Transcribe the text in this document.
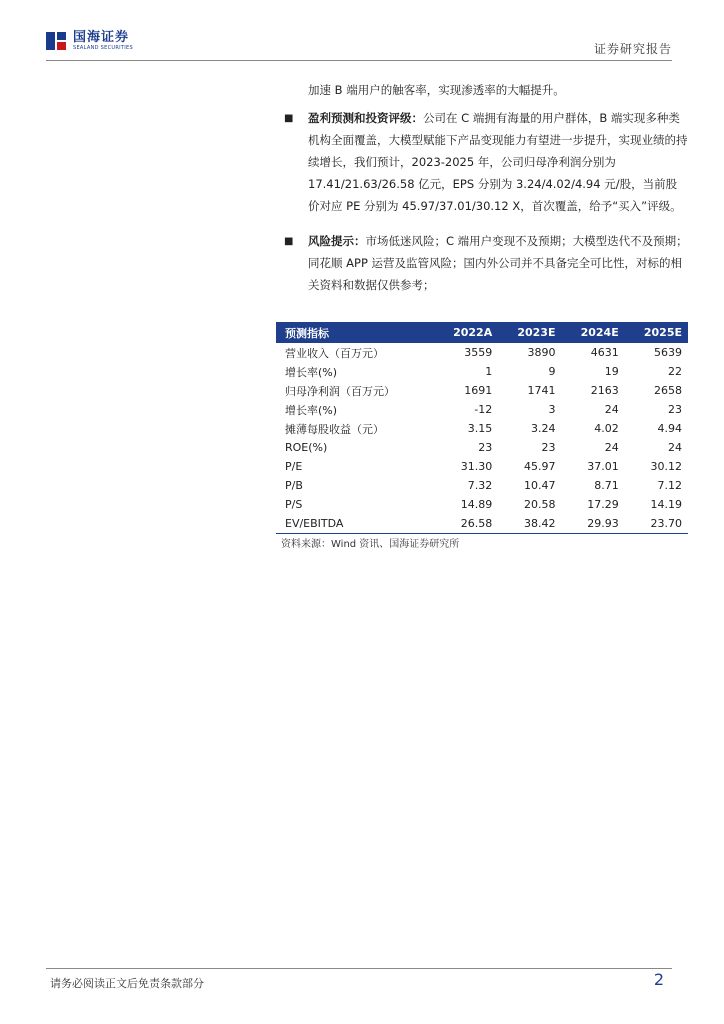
国海证券
SEALAND SECURITIES	证券研究报告
加速 B 端用户的触客率，实现渗透率的大幅提升。
■ 盈利预测和投资评级：公司在 C 端拥有海量的用户群体，B 端实现多种类机构全面覆盖，大模型赋能下产品变现能力有望进一步提升，实现业绩的持续增长，我们预计，2023-2025 年，公司归母净利润分别为 17.41/21.63/26.58 亿元，EPS 分别为 3.24/4.02/4.94 元/股，当前股价对应 PE 分别为 45.97/37.01/30.12 X，首次覆盖，给予“买入”评级。
■ 风险提示：市场低迷风险；C 端用户变现不及预期；大模型迭代不及预期；同花顺 APP 运营及监管风险；国内外公司并不具备完全可比性，对标的相关资料和数据仅供参考；
预测指标	2022A	2023E	2024E	2025E
营业收入（百万元）	3559	3890	4631	5639
增长率(%)	1	9	19	22
归母净利润（百万元）	1691	1741	2163	2658
增长率(%)	-12	3	24	23
摊薄每股收益（元）	3.15	3.24	4.02	4.94
ROE(%)	23	23	24	24
P/E	31.30	45.97	37.01	30.12
P/B	7.32	10.47	8.71	7.12
P/S	14.89	20.58	17.29	14.19
EV/EBITDA	26.58	38.42	29.93	23.70
资料来源：Wind 资讯、国海证券研究所
请务必阅读正文后免责条款部分	2
